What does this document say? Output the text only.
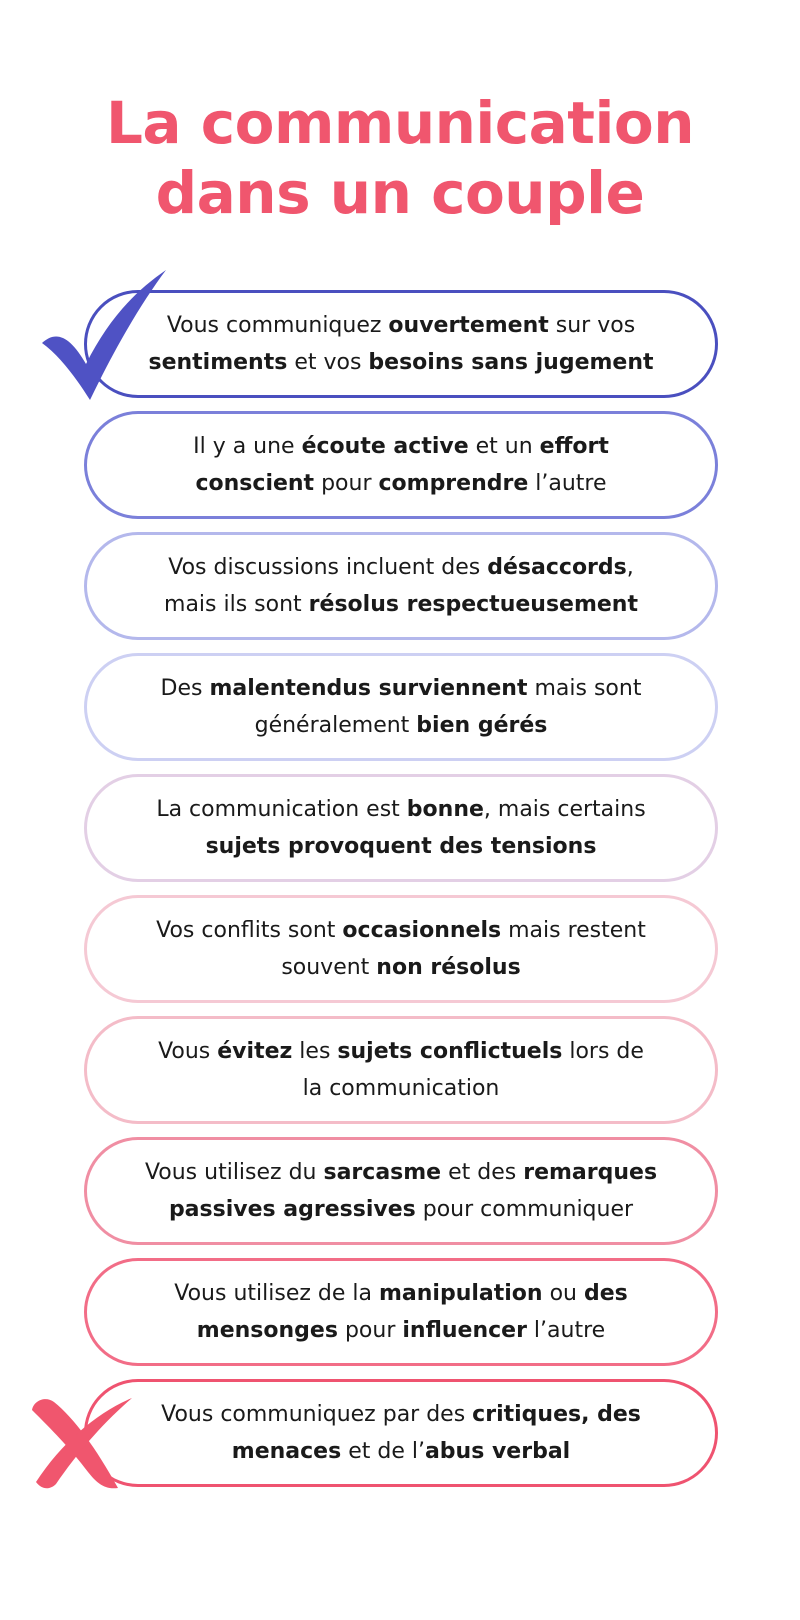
La communication
dans un couple

Vous communiquez ouvertement sur vos
sentiments et vos besoins sans jugement

Il y a une écoute active et un effort
conscient pour comprendre l’autre

Vos discussions incluent des désaccords,
mais ils sont résolus respectueusement

Des malentendus surviennent mais sont
généralement bien gérés

La communication est bonne, mais certains
sujets provoquent des tensions

Vos conflits sont occasionnels mais restent
souvent non résolus

Vous évitez les sujets conflictuels lors de
la communication

Vous utilisez du sarcasme et des remarques
passives agressives pour communiquer

Vous utilisez de la manipulation ou des
mensonges pour influencer l’autre

Vous communiquez par des critiques, des
menaces et de l’abus verbal
